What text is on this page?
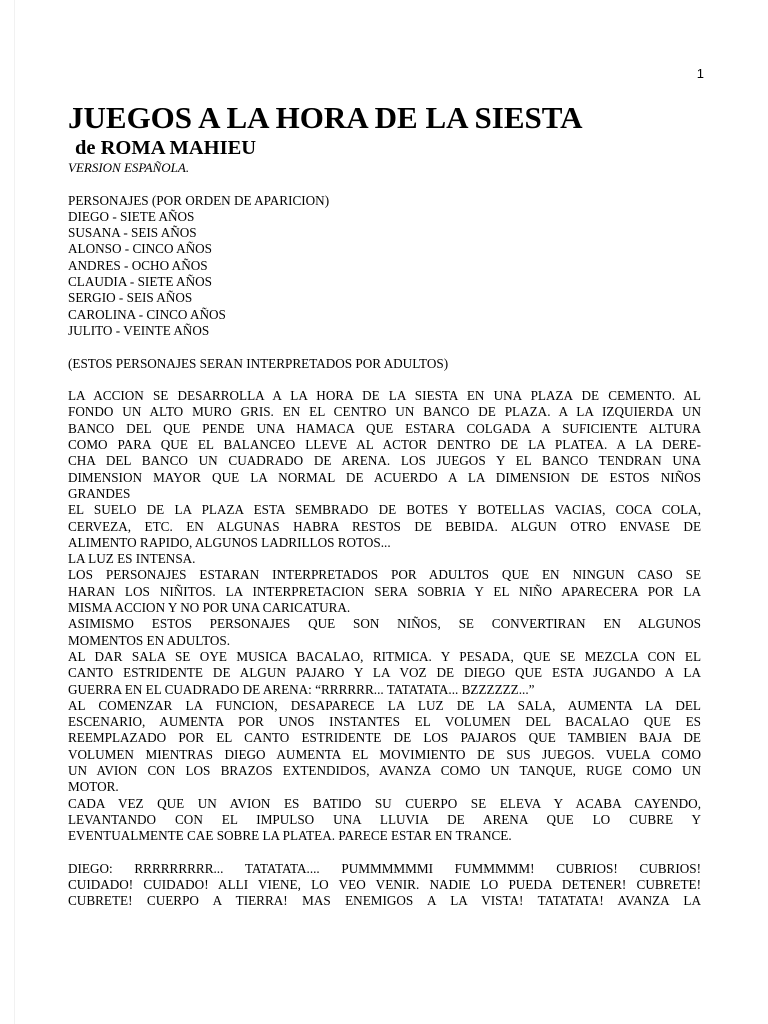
1
JUEGOS A LA HORA DE LA SIESTA
de ROMA MAHIEU
VERSION ESPAÑOLA.
PERSONAJES (POR ORDEN DE APARICION)
DIEGO - SIETE AÑOS
SUSANA - SEIS AÑOS
ALONSO - CINCO AÑOS
ANDRES - OCHO AÑOS
CLAUDIA - SIETE AÑOS
SERGIO - SEIS AÑOS
CAROLINA - CINCO AÑOS
JULITO - VEINTE AÑOS
(ESTOS PERSONAJES SERAN INTERPRETADOS POR ADULTOS)
LA ACCION SE DESARROLLA A LA HORA DE LA SIESTA EN UNA PLAZA DE CEMENTO. AL
FONDO UN ALTO MURO GRIS. EN EL CENTRO UN BANCO DE PLAZA. A LA IZQUIERDA UN
BANCO DEL QUE PENDE UNA HAMACA QUE ESTARA COLGADA A SUFICIENTE ALTURA
COMO PARA QUE EL BALANCEO LLEVE AL ACTOR DENTRO DE LA PLATEA. A LA DERE-
CHA DEL BANCO UN CUADRADO DE ARENA. LOS JUEGOS Y EL BANCO TENDRAN UNA
DIMENSION MAYOR QUE LA NORMAL DE ACUERDO A LA DIMENSION DE ESTOS NIÑOS
GRANDES
EL SUELO DE LA PLAZA ESTA SEMBRADO DE BOTES Y BOTELLAS VACIAS, COCA COLA,
CERVEZA, ETC. EN ALGUNAS HABRA RESTOS DE BEBIDA. ALGUN OTRO ENVASE DE
ALIMENTO RAPIDO, ALGUNOS LADRILLOS ROTOS...
LA LUZ ES INTENSA.
LOS PERSONAJES ESTARAN INTERPRETADOS POR ADULTOS QUE EN NINGUN CASO SE
HARAN LOS NIÑITOS. LA INTERPRETACION SERA SOBRIA Y EL NIÑO APARECERA POR LA
MISMA ACCION Y NO POR UNA CARICATURA.
ASIMISMO ESTOS PERSONAJES QUE SON NIÑOS, SE CONVERTIRAN EN ALGUNOS
MOMENTOS EN ADULTOS.
AL DAR SALA SE OYE MUSICA BACALAO, RITMICA. Y PESADA, QUE SE MEZCLA CON EL
CANTO ESTRIDENTE DE ALGUN PAJARO Y LA VOZ DE DIEGO QUE ESTA JUGANDO A LA
GUERRA EN EL CUADRADO DE ARENA: “RRRRRR... TATATATA... BZZZZZZ...”
AL COMENZAR LA FUNCION, DESAPARECE LA LUZ DE LA SALA, AUMENTA LA DEL
ESCENARIO, AUMENTA POR UNOS INSTANTES EL VOLUMEN DEL BACALAO QUE ES
REEMPLAZADO POR EL CANTO ESTRIDENTE DE LOS PAJAROS QUE TAMBIEN BAJA DE
VOLUMEN MIENTRAS DIEGO AUMENTA EL MOVIMIENTO DE SUS JUEGOS. VUELA COMO
UN AVION CON LOS BRAZOS EXTENDIDOS, AVANZA COMO UN TANQUE, RUGE COMO UN
MOTOR.
CADA VEZ QUE UN AVION ES BATIDO SU CUERPO SE ELEVA Y ACABA CAYENDO,
LEVANTANDO CON EL IMPULSO UNA LLUVIA DE ARENA QUE LO CUBRE Y
EVENTUALMENTE CAE SOBRE LA PLATEA. PARECE ESTAR EN TRANCE.
DIEGO: RRRRRRRRR... TATATATA.... PUMMMMMMI FUMMMMM! CUBRIOS! CUBRIOS!
CUIDADO! CUIDADO! ALLI VIENE, LO VEO VENIR. NADIE LO PUEDA DETENER! CUBRETE!
CUBRETE! CUERPO A TIERRA! MAS ENEMIGOS A LA VISTA! TATATATA! AVANZA LA
